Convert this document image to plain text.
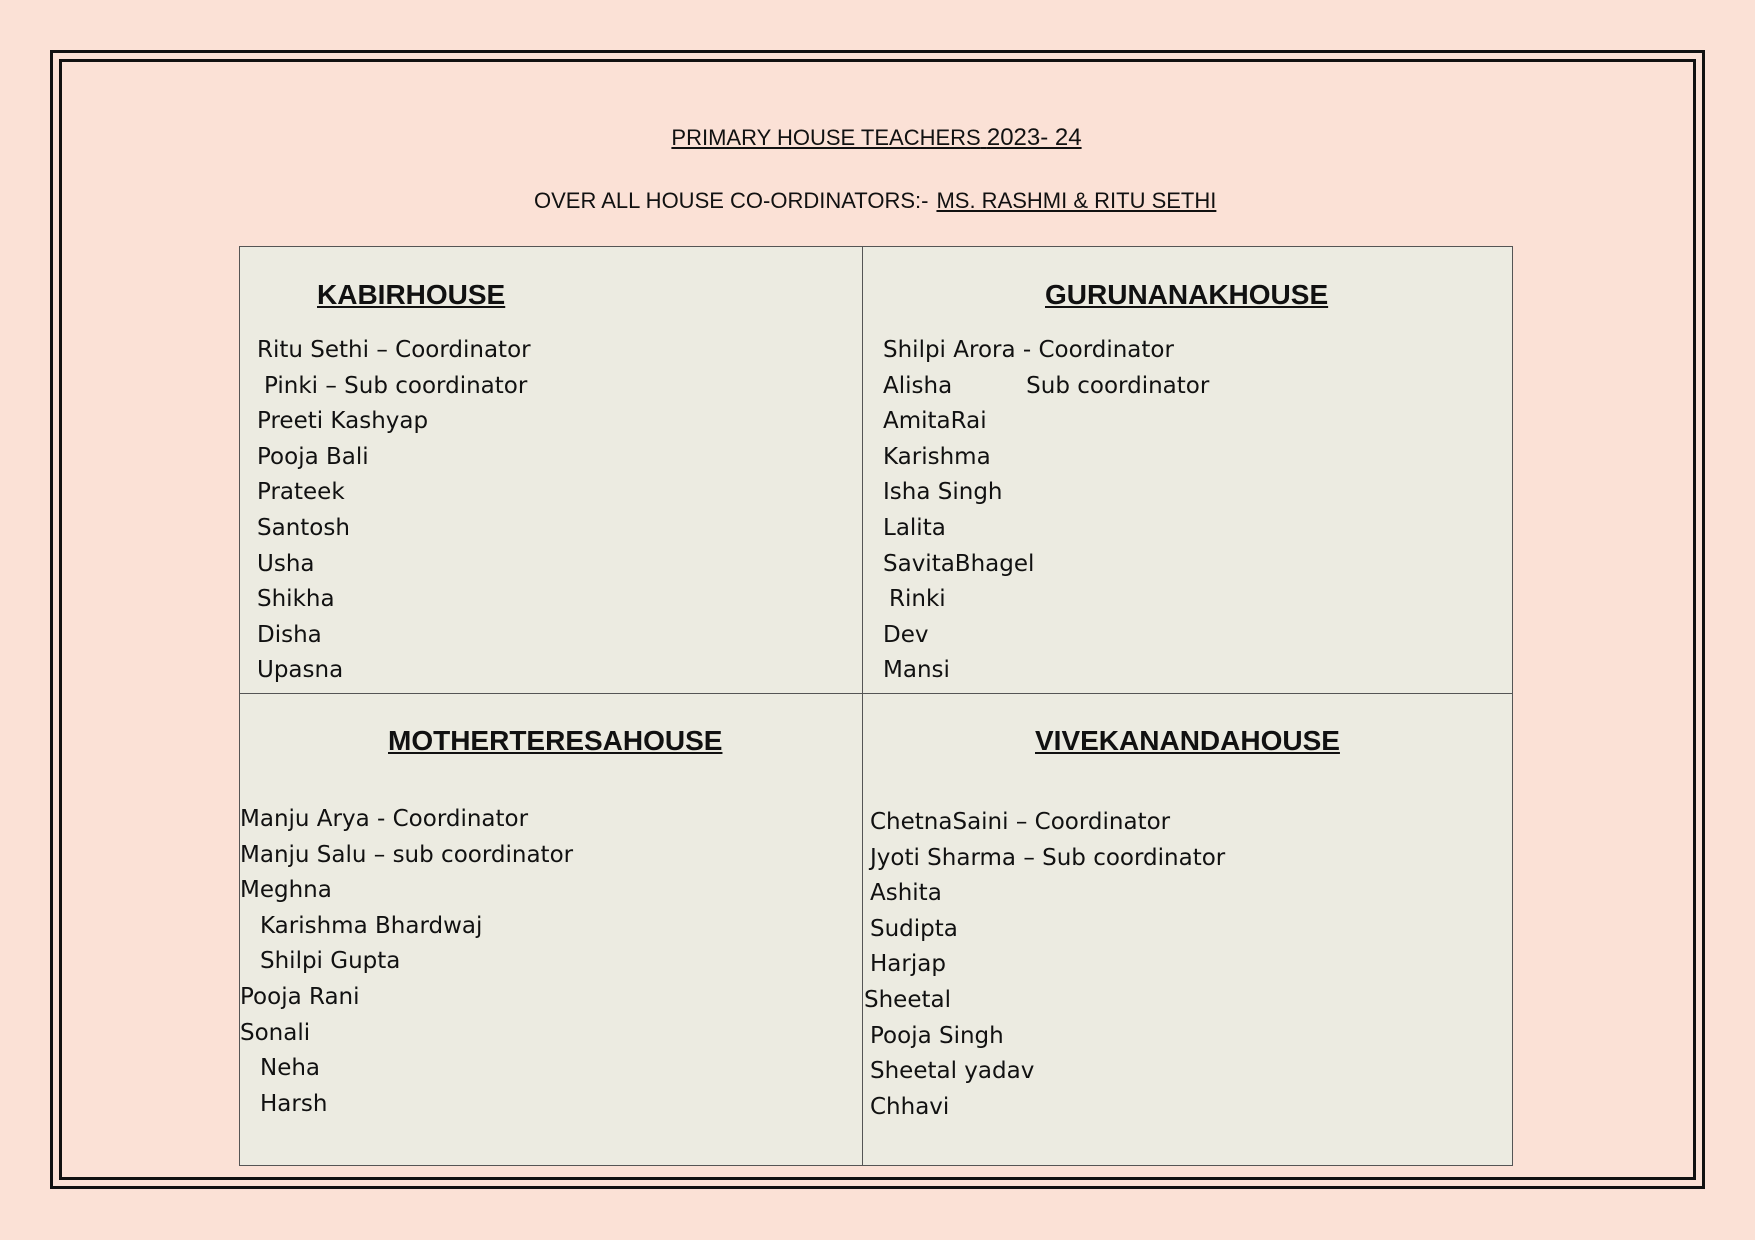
PRIMARY HOUSE TEACHERS 2023- 24
OVER ALL HOUSE CO-ORDINATORS:- MS. RASHMI & RITU SETHI
KABIRHOUSE
Ritu Sethi – Coordinator
Pinki – Sub coordinator
Preeti Kashyap
Pooja Bali
Prateek
Santosh
Usha
Shikha
Disha
Upasna
GURUNANAKHOUSE
Shilpi Arora - Coordinator
Alisha	Sub coordinator
AmitaRai
Karishma
Isha Singh
Lalita
SavitaBhagel
Rinki
Dev
Mansi
MOTHERTERESAHOUSE
Manju Arya - Coordinator
Manju Salu – sub coordinator
Meghna
Karishma Bhardwaj
Shilpi Gupta
Pooja Rani
Sonali
Neha
Harsh
VIVEKANANDAHOUSE
ChetnaSaini – Coordinator
Jyoti Sharma – Sub coordinator
Ashita
Sudipta
Harjap
Sheetal
Pooja Singh
Sheetal yadav
Chhavi
